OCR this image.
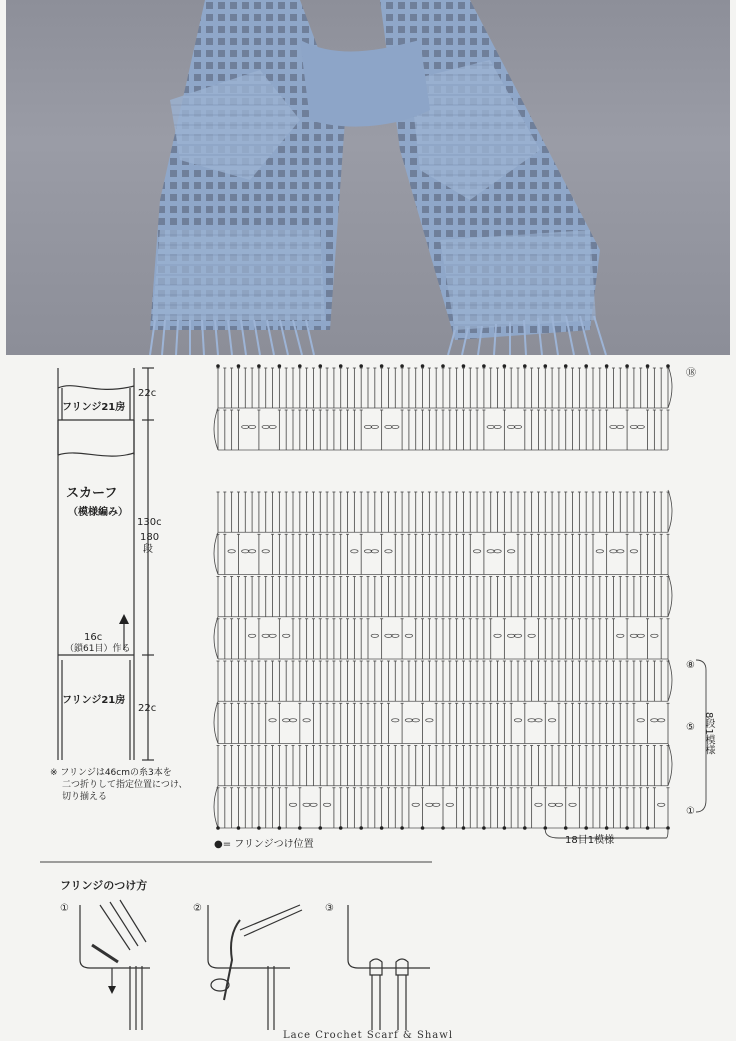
フリンジ21房
22c
スカーフ
（模様編み）
130c
180
段
16c
（鎖61目）作る
フリンジ21房
22c
※ フリンジは46cmの糸3本を
二つ折りして指定位置につけ、
切り揃える
⑱
⑧
⑤
①
8段1模様
18目1模様
●= フリンジつけ位置
フリンジのつけ方
①	②	③
Lace Crochet Scarf & Shawl
